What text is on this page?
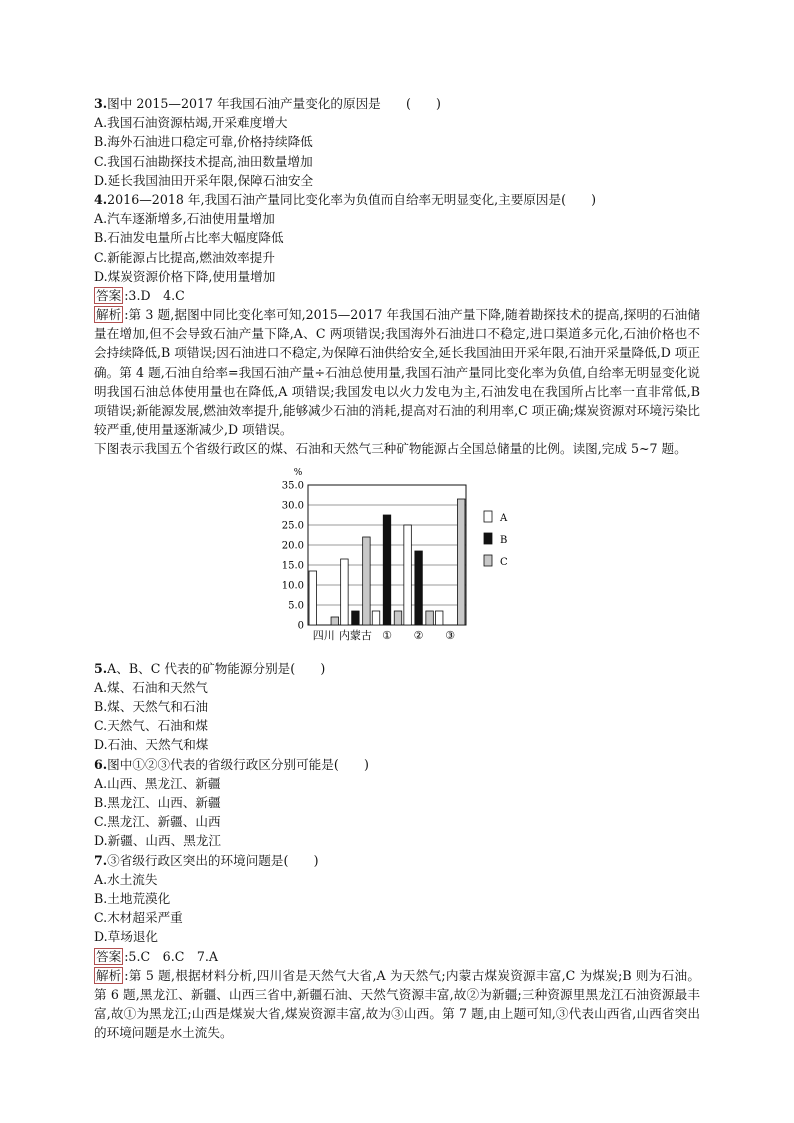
3.图中 2015—2017 年我国石油产量变化的原因是　　(　　)

A.我国石油资源枯竭,开采难度增大

B.海外石油进口稳定可靠,价格持续降低

C.我国石油勘探技术提高,油田数量增加

D.延长我国油田开采年限,保障石油安全

4.2016—2018 年,我国石油产量同比变化率为负值而自给率无明显变化,主要原因是(　　)

A.汽车逐渐增多,石油使用量增加

B.石油发电量所占比率大幅度降低

C.新能源占比提高,燃油效率提升

D.煤炭资源价格下降,使用量增加

答案 :3.D　4.C

解析 :第 3 题,据图中同比变化率可知,2015—2017 年我国石油产量下降,随着勘探技术的提高,探明的石油储量在增加,但不会导致石油产量下降,A、C 两项错误;我国海外石油进口不稳定,进口渠道多元化,石油价格也不会持续降低,B 项错误;因石油进口不稳定,为保障石油供给安全,延长我国油田开采年限,石油开采量降低,D 项正确。第 4 题,石油自给率=我国石油产量÷石油总使用量,我国石油产量同比变化率为负值,自给率无明显变化说明我国石油总体使用量也在降低,A 项错误;我国发电以火力发电为主,石油发电在我国所占比率一直非常低,B 项错误;新能源发展,燃油效率提升,能够减少石油的消耗,提高对石油的利用率,C 项正确;煤炭资源对环境污染比较严重,使用量逐渐减少,D 项错误。

下图表示我国五个省级行政区的煤、石油和天然气三种矿物能源占全国总储量的比例。读图,完成 5~7 题。

%
35.0
30.0
25.0
20.0
15.0
10.0
5.0
0
四川 内蒙古 ① ② ③
A
B
C

5.A、B、C 代表的矿物能源分别是(　　)

A.煤、石油和天然气

B.煤、天然气和石油

C.天然气、石油和煤

D.石油、天然气和煤

6.图中①②③代表的省级行政区分别可能是(　　)

A.山西、黑龙江、新疆

B.黑龙江、山西、新疆

C.黑龙江、新疆、山西

D.新疆、山西、黑龙江

7.③省级行政区突出的环境问题是(　　)

A.水土流失

B.土地荒漠化

C.木材超采严重

D.草场退化

答案 :5.C　6.C　7.A

解析 :第 5 题,根据材料分析,四川省是天然气大省,A 为天然气;内蒙古煤炭资源丰富,C 为煤炭;B 则为石油。第 6 题,黑龙江、新疆、山西三省中,新疆石油、天然气资源丰富,故②为新疆;三种资源里黑龙江石油资源最丰富,故①为黑龙江;山西是煤炭大省,煤炭资源丰富,故为③山西。第 7 题,由上题可知,③代表山西省,山西省突出的环境问题是水土流失。
